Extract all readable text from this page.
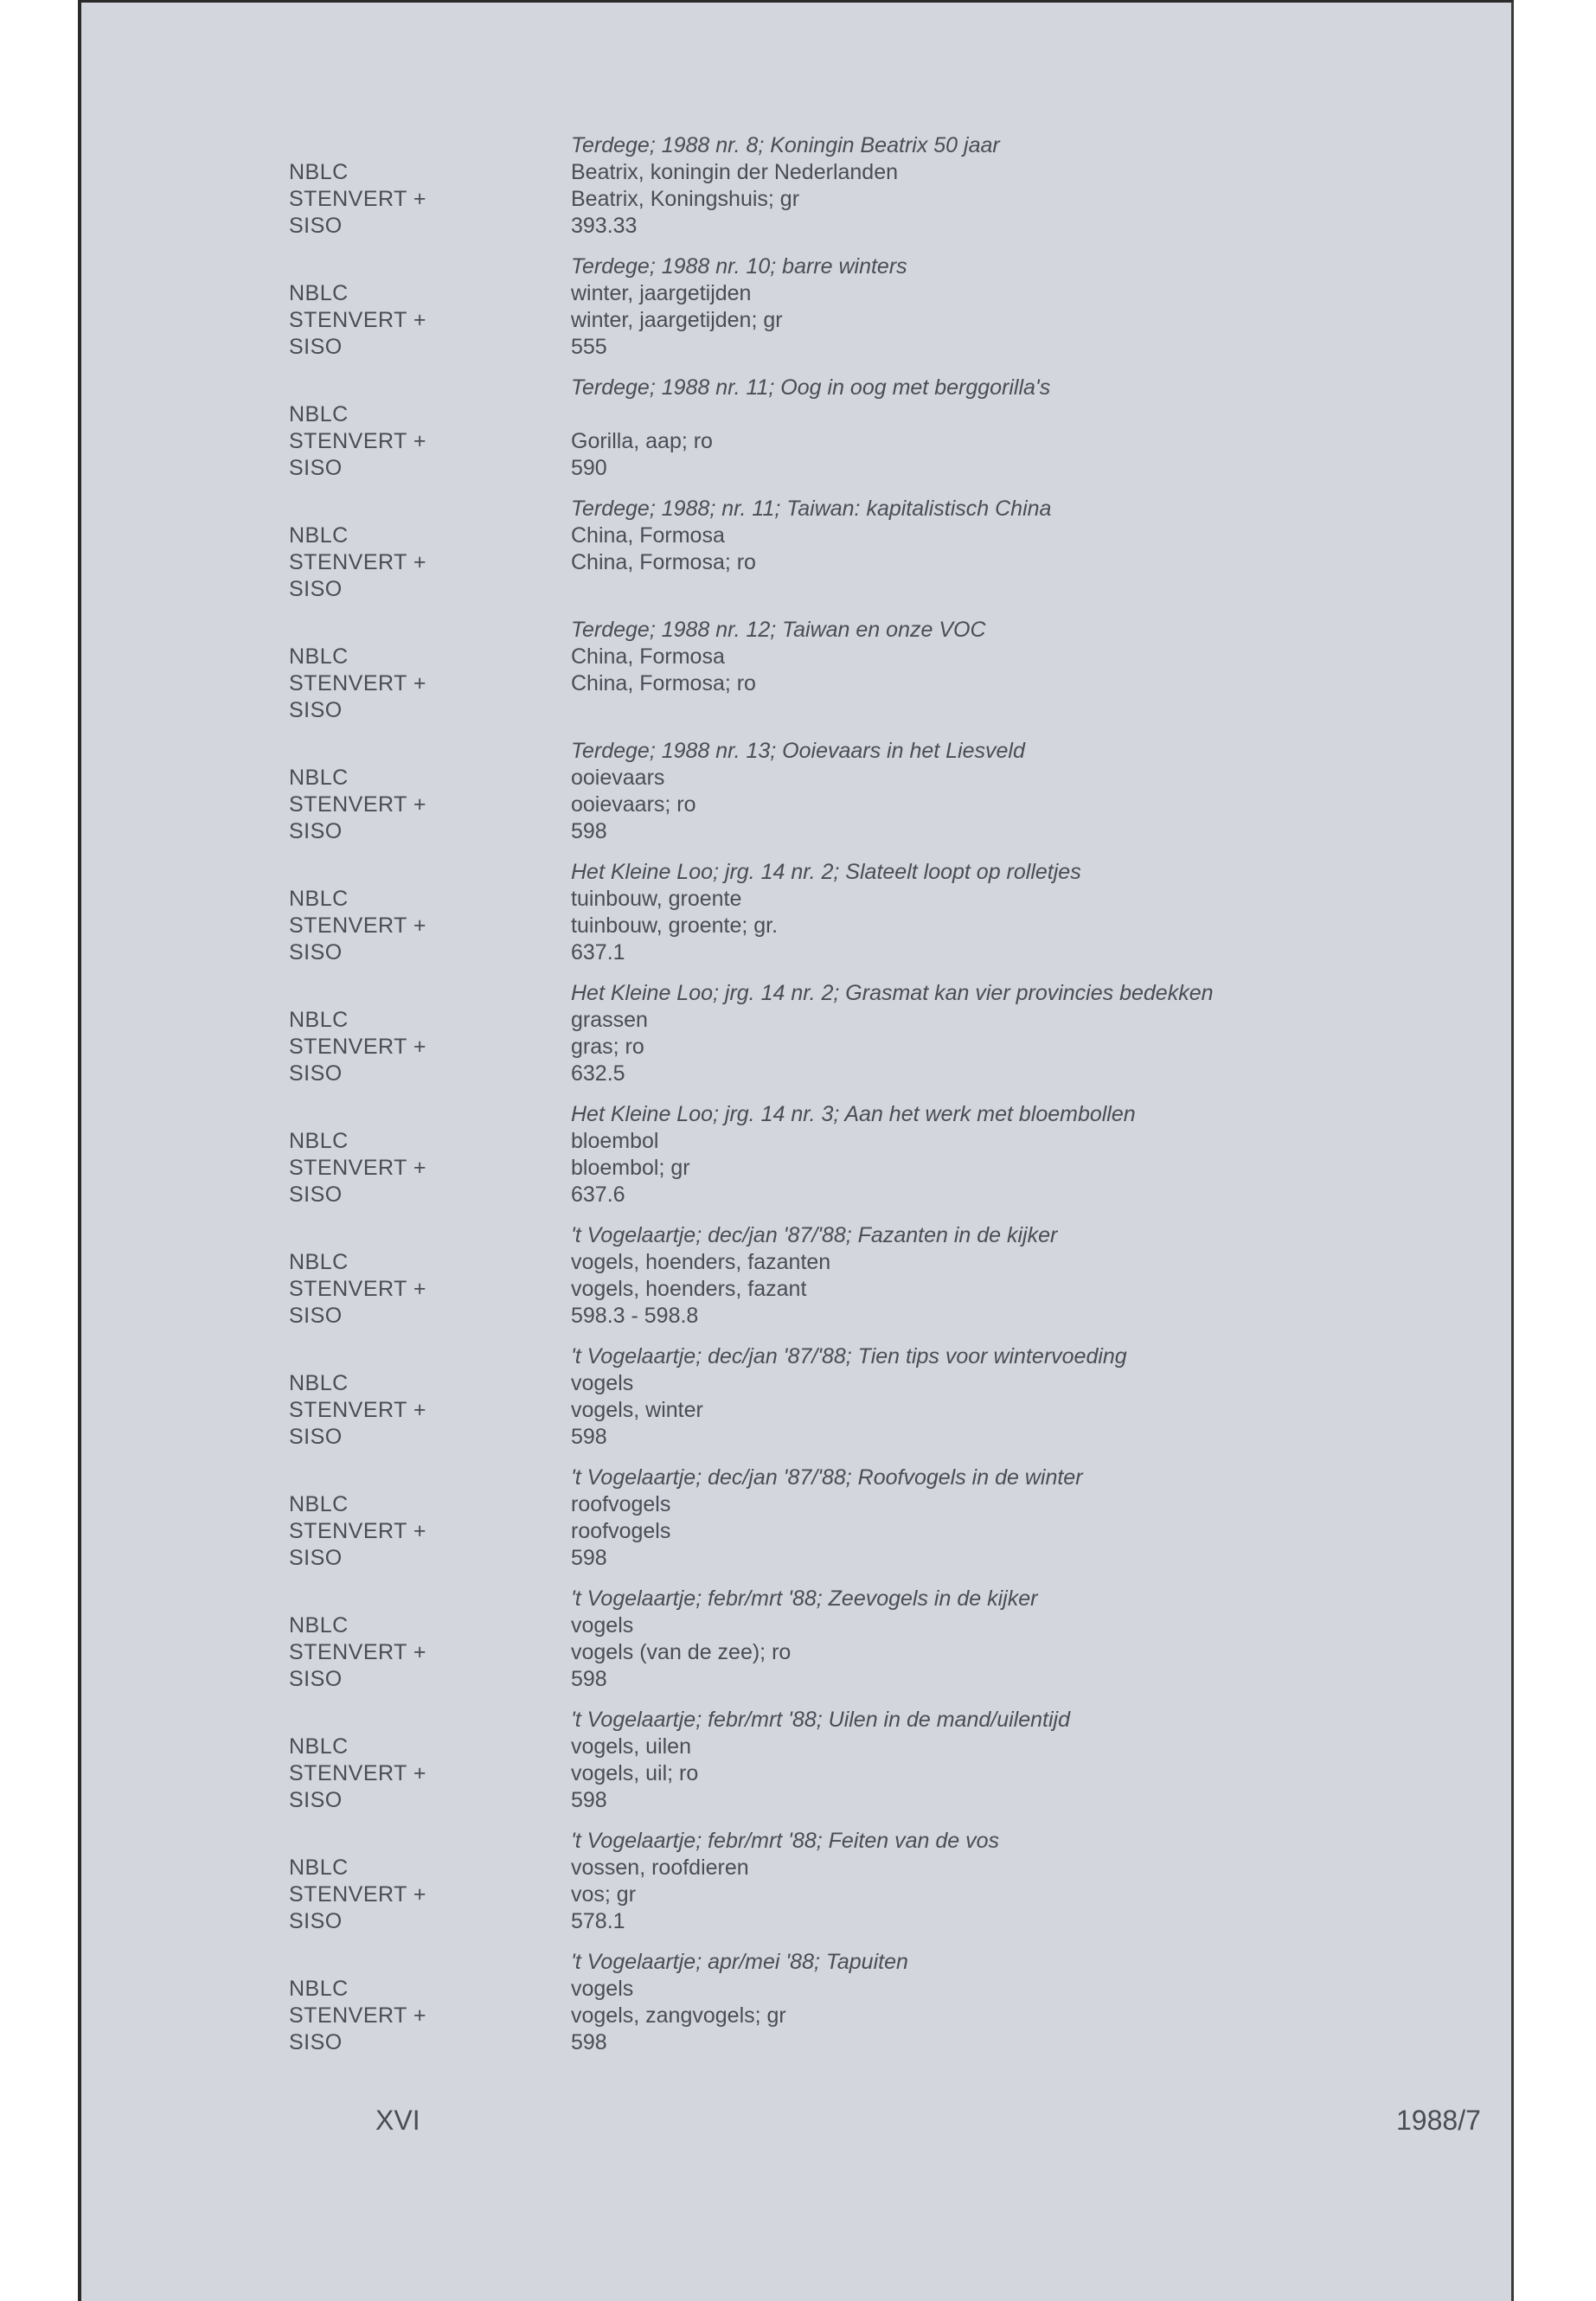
Terdege; 1988 nr. 8; Koningin Beatrix 50 jaar
NBLC	Beatrix, koningin der Nederlanden
STENVERT +	Beatrix, Koningshuis; gr
SISO	393.33
Terdege; 1988 nr. 10; barre winters
NBLC	winter, jaargetijden
STENVERT +	winter, jaargetijden; gr
SISO	555
Terdege; 1988 nr. 11; Oog in oog met berggorilla's
NBLC
STENVERT +	Gorilla, aap; ro
SISO	590
Terdege; 1988; nr. 11; Taiwan: kapitalistisch China
NBLC	China, Formosa
STENVERT +	China, Formosa; ro
SISO
Terdege; 1988 nr. 12; Taiwan en onze VOC
NBLC	China, Formosa
STENVERT +	China, Formosa; ro
SISO
Terdege; 1988 nr. 13; Ooievaars in het Liesveld
NBLC	ooievaars
STENVERT +	ooievaars; ro
SISO	598
Het Kleine Loo; jrg. 14 nr. 2; Slateelt loopt op rolletjes
NBLC	tuinbouw, groente
STENVERT +	tuinbouw, groente; gr.
SISO	637.1
Het Kleine Loo; jrg. 14 nr. 2; Grasmat kan vier provincies bedekken
NBLC	grassen
STENVERT +	gras; ro
SISO	632.5
Het Kleine Loo; jrg. 14 nr. 3; Aan het werk met bloembollen
NBLC	bloembol
STENVERT +	bloembol; gr
SISO	637.6
't Vogelaartje; dec/jan '87/'88; Fazanten in de kijker
NBLC	vogels, hoenders, fazanten
STENVERT +	vogels, hoenders, fazant
SISO	598.3 - 598.8
't Vogelaartje; dec/jan '87/'88; Tien tips voor wintervoeding
NBLC	vogels
STENVERT +	vogels, winter
SISO	598
't Vogelaartje; dec/jan '87/'88; Roofvogels in de winter
NBLC	roofvogels
STENVERT +	roofvogels
SISO	598
't Vogelaartje; febr/mrt '88; Zeevogels in de kijker
NBLC	vogels
STENVERT +	vogels (van de zee); ro
SISO	598
't Vogelaartje; febr/mrt '88; Uilen in de mand/uilentijd
NBLC	vogels, uilen
STENVERT +	vogels, uil; ro
SISO	598
't Vogelaartje; febr/mrt '88; Feiten van de vos
NBLC	vossen, roofdieren
STENVERT +	vos; gr
SISO	578.1
't Vogelaartje; apr/mei '88; Tapuiten
NBLC	vogels
STENVERT +	vogels, zangvogels; gr
SISO	598
XVI	1988/7
